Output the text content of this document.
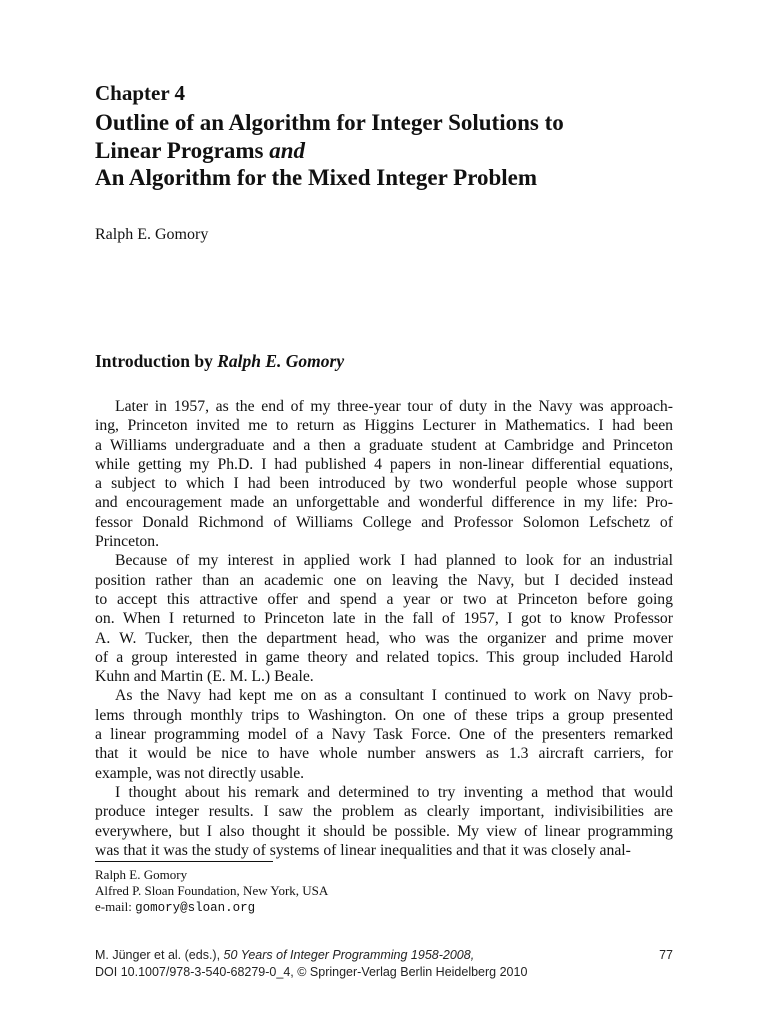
Chapter 4
Outline of an Algorithm for Integer Solutions to
Linear Programs and
An Algorithm for the Mixed Integer Problem
Ralph E. Gomory
Introduction by Ralph E. Gomory
Later in 1957, as the end of my three-year tour of duty in the Navy was approach-
ing, Princeton invited me to return as Higgins Lecturer in Mathematics. I had been
a Williams undergraduate and a then a graduate student at Cambridge and Princeton
while getting my Ph.D. I had published 4 papers in non-linear differential equations,
a subject to which I had been introduced by two wonderful people whose support
and encouragement made an unforgettable and wonderful difference in my life: Pro-
fessor Donald Richmond of Williams College and Professor Solomon Lefschetz of
Princeton.
Because of my interest in applied work I had planned to look for an industrial
position rather than an academic one on leaving the Navy, but I decided instead
to accept this attractive offer and spend a year or two at Princeton before going
on. When I returned to Princeton late in the fall of 1957, I got to know Professor
A. W. Tucker, then the department head, who was the organizer and prime mover
of a group interested in game theory and related topics. This group included Harold
Kuhn and Martin (E. M. L.) Beale.
As the Navy had kept me on as a consultant I continued to work on Navy prob-
lems through monthly trips to Washington. On one of these trips a group presented
a linear programming model of a Navy Task Force. One of the presenters remarked
that it would be nice to have whole number answers as 1.3 aircraft carriers, for
example, was not directly usable.
I thought about his remark and determined to try inventing a method that would
produce integer results. I saw the problem as clearly important, indivisibilities are
everywhere, but I also thought it should be possible. My view of linear programming
was that it was the study of systems of linear inequalities and that it was closely anal-
Ralph E. Gomory
Alfred P. Sloan Foundation, New York, USA
e-mail: gomory@sloan.org
M. Jünger et al. (eds.), 50 Years of Integer Programming 1958-2008,
DOI 10.1007/978-3-540-68279-0_4, © Springer-Verlag Berlin Heidelberg 2010
77
